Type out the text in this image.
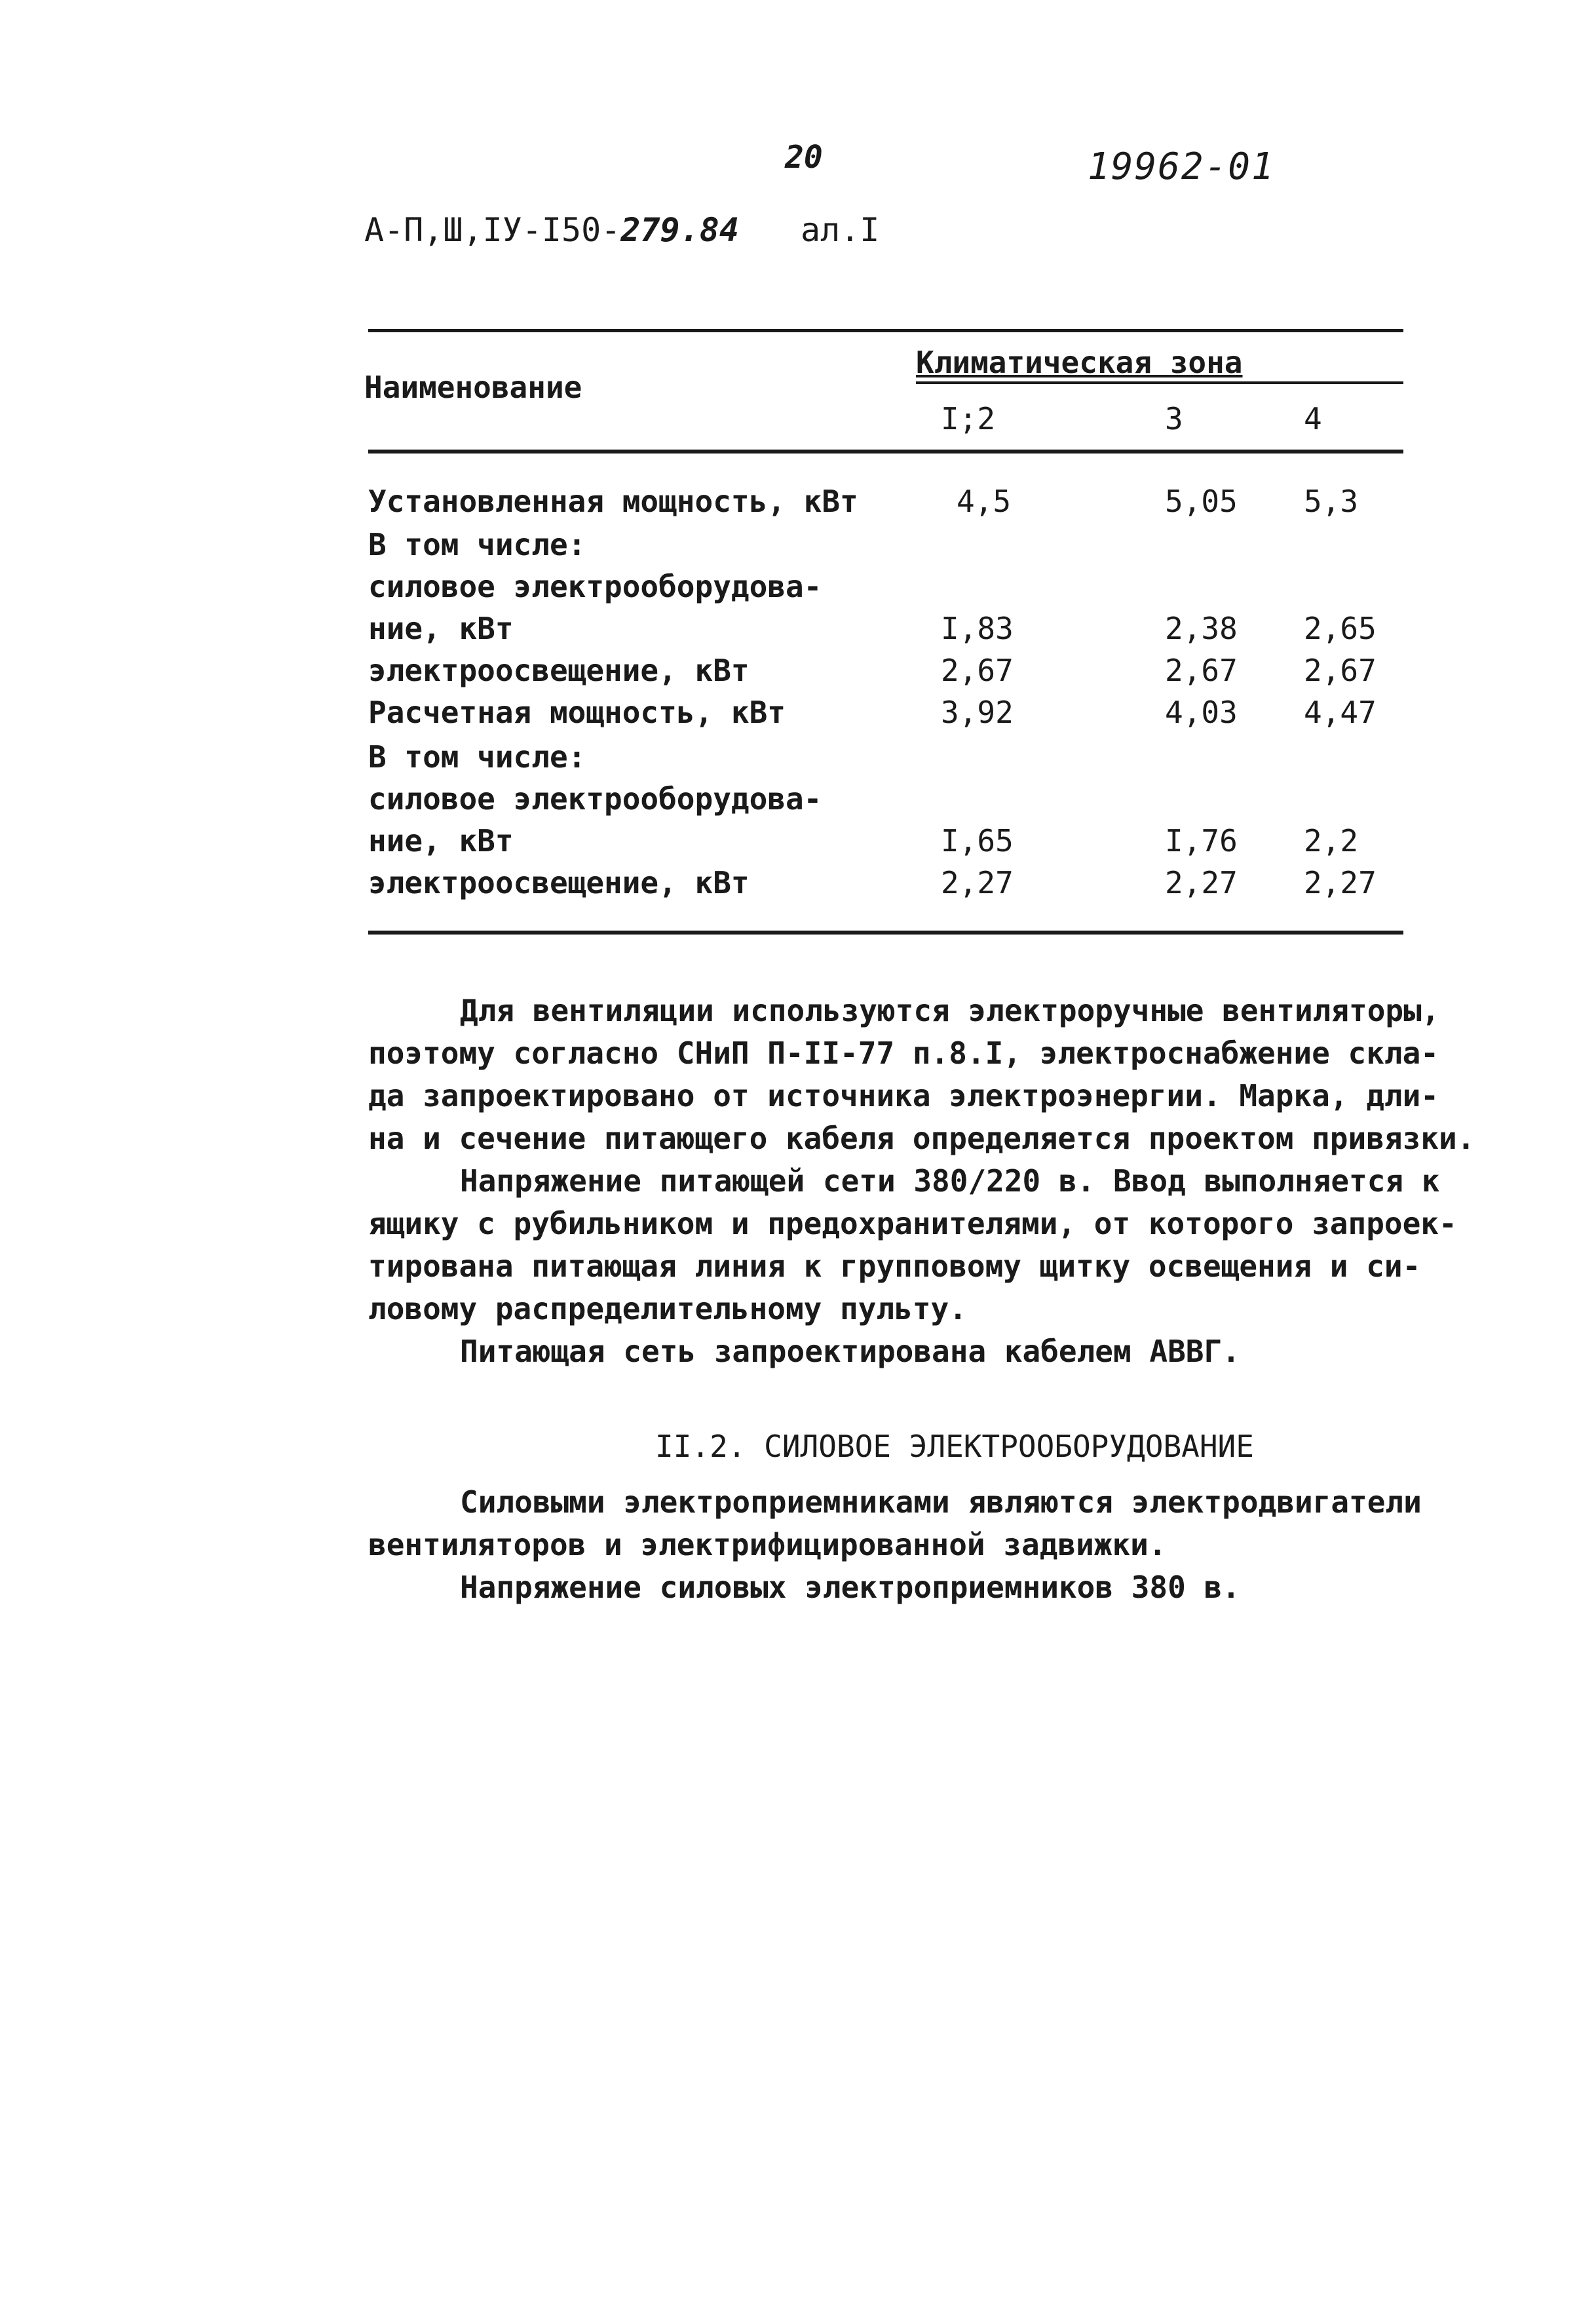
20	19962-01
А-П,Ш,IУ-I50-279.84 ал.I
Наименование
Климатическая зона
I;2	3	4
Установленная мощность, кВт	4,5	5,05 5,3
В том числе:
силовое электрооборудова-
ние, кВт	I,83	2,38 2,65
электроосвещение, кВт	2,67	2,67 2,67
Расчетная мощность, кВт	3,92	4,03 4,47
В том числе:
силовое электрооборудова-
ние, кВт	I,65	I,76 2,2
электроосвещение, кВт	2,27	2,27 2,27
Для вентиляции используются электроручные вентиляторы,
поэтому согласно СНиП П-II-77 п.8.I, электроснабжение скла-
да запроектировано от источника электроэнергии. Марка, дли-
на и сечение питающего кабеля определяется проектом привязки.
Напряжение питающей сети 380/220 в. Ввод выполняется к
ящику с рубильником и предохранителями, от которого запроек-
тирована питающая линия к групповому щитку освещения и си-
ловому распределительному пульту.
Питающая сеть запроектирована кабелем АВВГ.
II.2. СИЛОВОЕ ЭЛЕКТРООБОРУДОВАНИЕ
Силовыми электроприемниками являются электродвигатели
вентиляторов и электрифицированной задвижки.
Напряжение силовых электроприемников 380 в.
